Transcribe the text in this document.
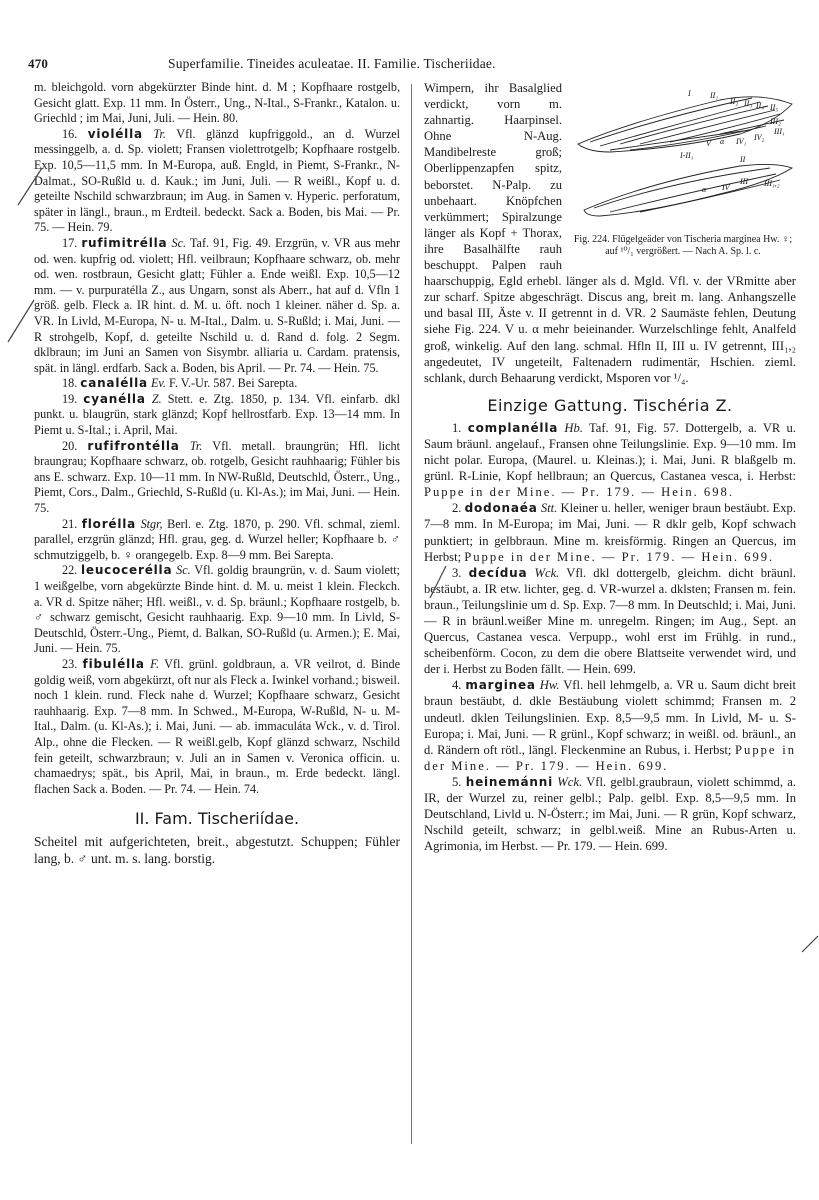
470	Superfamilie. Tineides aculeatae. II. Familie. Tischeriidae.

m. bleichgold. vorn abgekürzter Binde hint. d. M ; Kopfhaare rostgelb, Gesicht glatt. Exp. 11 mm. In Österr., Ung., N-Ital., S-Frankr., Katalon. u. Griechld ; im Mai, Juni, Juli. — Hein. 80.

16. violélla Tr. Vfl. glänzd kupfriggold., an d. Wurzel messinggelb, a. d. Sp. violett; Fransen violettrotgelb; Kopfhaare rostgelb. Exp. 10,5—11,5 mm. In M-Europa, auß. Engld, in Piemt, S-Frankr., N-Dalmat., SO-Rußld u. d. Kauk.; im Juni, Juli. — R weißl., Kopf u. d. geteilte Nschild schwarzbraun; im Aug. in Samen v. Hyperic. perforatum, später in längl., braun., m Erdteil. bedeckt. Sack a. Boden, bis Mai. — Pr. 75. — Hein. 79.

17. rufimitrélla Sc. Taf. 91, Fig. 49. Erzgrün, v. VR aus mehr od. wen. kupfrig od. violett; Hfl. veilbraun; Kopfhaare schwarz, ob. mehr od. wen. rostbraun, Gesicht glatt; Fühler a. Ende weißl. Exp. 10,5—12 mm. — v. purpuratélla Z., aus Ungarn, sonst als Aberr., hat auf d. Vfln 1 größ. gelb. Fleck a. IR hint. d. M. u. öft. noch 1 kleiner. näher d. Sp. a. VR. In Livld, M-Europa, N- u. M-Ital., Dalm. u. S-Rußld; i. Mai, Juni. — R strohgelb, Kopf, d. geteilte Nschild u. d. Rand d. folg. 2 Segm. dklbraun; im Juni an Samen von Sisymbr. alliaria u. Cardam. pratensis, spät. in längl. erdfarb. Sack a. Boden, bis April. — Pr. 74. — Hein. 75.

18. canalélla Ev. F. V.-Ur. 587. Bei Sarepta.

19. cyanélla Z. Stett. e. Ztg. 1850, p. 134. Vfl. einfarb. dkl punkt. u. blaugrün, stark glänzd; Kopf hellrostfarb. Exp. 13—14 mm. In Piemt u. S-Ital.; i. April, Mai.

20. rufifrontélla Tr. Vfl. metall. braungrün; Hfl. licht braungrau; Kopfhaare schwarz, ob. rotgelb, Gesicht rauhhaarig; Fühler bis ans E. schwarz. Exp. 10—11 mm. In NW-Rußld, Deutschld, Österr., Ung., Piemt, Cors., Dalm., Griechld, S-Rußld (u. Kl-As.); im Mai, Juni. — Hein. 75.

21. florélla Stgr, Berl. e. Ztg. 1870, p. 290. Vfl. schmal, zieml. parallel, erzgrün glänzd; Hfl. grau, geg. d. Wurzel heller; Kopfhaare b. ♂ schmutziggelb, b. ♀ orangegelb. Exp. 8—9 mm. Bei Sarepta.

22. leucocerélla Sc. Vfl. goldig braungrün, v. d. Saum violett; 1 weißgelbe, vorn abgekürzte Binde hint. d. M. u. meist 1 klein. Fleckch. a. VR d. Spitze näher; Hfl. weißl., v. d. Sp. bräunl.; Kopfhaare rostgelb, b. ♂ schwarz gemischt, Gesicht rauhhaarig. Exp. 9—10 mm. In Livld, S-Deutschld, Österr.-Ung., Piemt, d. Balkan, SO-Rußld (u. Armen.); E. Mai, Juni. — Hein. 75.

23. fibulélla F. Vfl. grünl. goldbraun, a. VR veilrot, d. Binde goldig weiß, vorn abgekürzt, oft nur als Fleck a. Iwinkel vorhand.; bisweil. noch 1 klein. rund. Fleck nahe d. Wurzel; Kopfhaare schwarz, Gesicht rauhhaarig. Exp. 7—8 mm. In Schwed., M-Europa, W-Rußld, N- u. M-Ital., Dalm. (u. Kl-As.); i. Mai, Juni. — ab. immaculáta Wck., v. d. Tirol. Alp., ohne die Flecken. — R weißl.gelb, Kopf glänzd schwarz, Nschild fein geteilt, schwarzbraun; v. Juli an in Samen v. Veronica officin. u. chamaedrys; spät., bis April, Mai, in braun., m. Erde bedeckt. längl. flachen Sack a. Boden. — Pr. 74. — Hein. 74.

II. Fam. Tischeriídae.

Scheitel mit aufgerichteten, breit., abgestutzt. Schuppen; Fühler lang, b. ♂ unt. m. s. lang. borstig.

I II₁
II₂ II₃ II₄ II₅
III₂
III₁
IV₂
IV₁
α
V
I-II₁	II
III
IV	III₁,₂
α
Fig. 224. Flügelgeäder von Tischeria marginea Hw. ♀; auf ¹⁰/₁ vergrößert. — Nach A. Sp. l. c.

Wimpern, ihr Basalglied verdickt, vorn m. zahnartig. Haarpinsel. Ohne N-Aug. Mandibelreste groß; Oberlippenzapfen spitz, beborstet. N-Palp. zu unbehaart. Knöpfchen verkümmert; Spiralzunge länger als Kopf + Thorax, ihre Basalhälfte rauh beschuppt. Palpen rauh haarschuppig, Egld erhebl. länger als d. Mgld. Vfl. v. der VRmitte aber zur scharf. Spitze abgeschrägt. Discus ang, breit m. lang. Anhangszelle und basal III, Äste v. II getrennt in d. VR. 2 Saumäste fehlen, Deutung siehe Fig. 224. V u. α mehr beieinander. Wurzelschlinge fehlt, Analfeld groß, winkelig. Auf den lang. schmal. Hfln II, III u. IV getrennt, III₁,₂ angedeutet, IV ungeteilt, Faltenadern rudimentär, Hschien. zieml. schlank, durch Behaarung verdickt, Msporen vor ¹/₄.

Einzige Gattung. Tischéria Z.

1. complanélla Hb. Taf. 91, Fig. 57. Dottergelb, a. VR u. Saum bräunl. angelauf., Fransen ohne Teilungslinie. Exp. 9—10 mm. Im nicht polar. Europa, (Maurel. u. Kleinas.); i. Mai, Juni. R blaßgelb m. grünl. R-Linie, Kopf hellbraun; an Quercus, Castanea vesca, i. Herbst: Puppe in der Mine. — Pr. 179. — Hein. 698.

2. dodonaéa Stt. Kleiner u. heller, weniger braun bestäubt. Exp. 7—8 mm. In M-Europa; im Mai, Juni. — R dklr gelb, Kopf schwach punktiert; in gelbbraun. Mine m. kreisförmig. Ringen an Quercus, im Herbst; Puppe in der Mine. — Pr. 179. — Hein. 699.

3. decídua Wck. Vfl. dkl dottergelb, gleichm. dicht bräunl. bestäubt, a. IR etw. lichter, geg. d. VR-wurzel a. dklsten; Fransen m. fein. braun., Teilungslinie um d. Sp. Exp. 7—8 mm. In Deutschld; i. Mai, Juni. — R in bräunl.weißer Mine m. unregelm. Ringen; im Aug., Sept. an Quercus, Castanea vesca. Verpupp., wohl erst im Frühlg. in rund., scheibenförm. Cocon, zu dem die obere Blattseite verwendet wird, und der i. Herbst zu Boden fällt. — Hein. 699.

4. marginea Hw. Vfl. hell lehmgelb, a. VR u. Saum dicht breit braun bestäubt, d. dkle Bestäubung violett schimmd; Fransen m. 2 undeutl. dklen Teilungslinien. Exp. 8,5—9,5 mm. In Livld, M- u. S-Europa; i. Mai, Juni. — R grünl., Kopf schwarz; in weißl. od. bräunl., an d. Rändern oft rötl., längl. Fleckenmine an Rubus, i. Herbst; Puppe in der Mine. — Pr. 179. — Hein. 699.

5. heinemánni Wck. Vfl. gelbl.graubraun, violett schimmd, a. IR, der Wurzel zu, reiner gelbl.; Palp. gelbl. Exp. 8,5—9,5 mm. In Deutschland, Livld u. N-Österr.; im Mai, Juni. — R grün, Kopf schwarz, Nschild geteilt, schwarz; in gelbl.weiß. Mine an Rubus-Arten u. Agrimonia, im Herbst. — Pr. 179. — Hein. 699.
